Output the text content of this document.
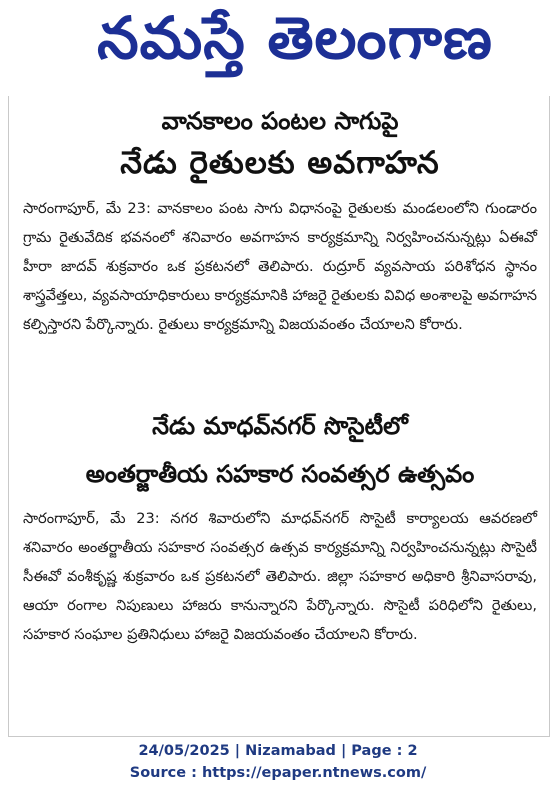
నమస్తే తెలంగాణ
వానకాలం పంటల సాగుపై
నేడు రైతులకు అవగాహన
సారంగాపూర్, మే 23: వానకాలం పంట సాగు విధానంపై రైతులకు మండలంలోని గుండారం గ్రామ రైతువేదిక భవనంలో శనివారం అవగాహన కార్యక్రమాన్ని నిర్వహించనున్నట్లు ఏఈవో హీరా జాదవ్ శుక్రవారం ఒక ప్రకటనలో తెలిపారు. రుద్రూర్ వ్యవసాయ పరిశోధన స్థానం శాస్త్రవేత్తలు, వ్యవసాయాధికారులు కార్యక్రమానికి హాజరై రైతులకు వివిధ అంశాలపై అవగాహన కల్పిస్తారని పేర్కొన్నారు. రైతులు కార్యక్రమాన్ని విజయవంతం చేయాలని కోరారు.
నేడు మాధవ్‌నగర్ సొసైటీలో
అంతర్జాతీయ సహకార సంవత్సర ఉత్సవం
సారంగాపూర్, మే 23: నగర శివారులోని మాధవ్‌నగర్ సొసైటీ కార్యాలయ ఆవరణలో శనివారం అంతర్జాతీయ సహకార సంవత్సర ఉత్సవ కార్యక్రమాన్ని నిర్వహించనున్నట్లు సొసైటీ సీఈవో వంశీకృష్ణ శుక్రవారం ఒక ప్రకటనలో తెలిపారు. జిల్లా సహకార అధికారి శ్రీనివాసరావు, ఆయా రంగాల నిపుణులు హాజరు కానున్నారని పేర్కొన్నారు. సొసైటీ పరిధిలోని రైతులు, సహకార సంఘాల ప్రతినిధులు హాజరై విజయవంతం చేయాలని కోరారు.
24/05/2025 | Nizamabad | Page : 2
Source : https://epaper.ntnews.com/
